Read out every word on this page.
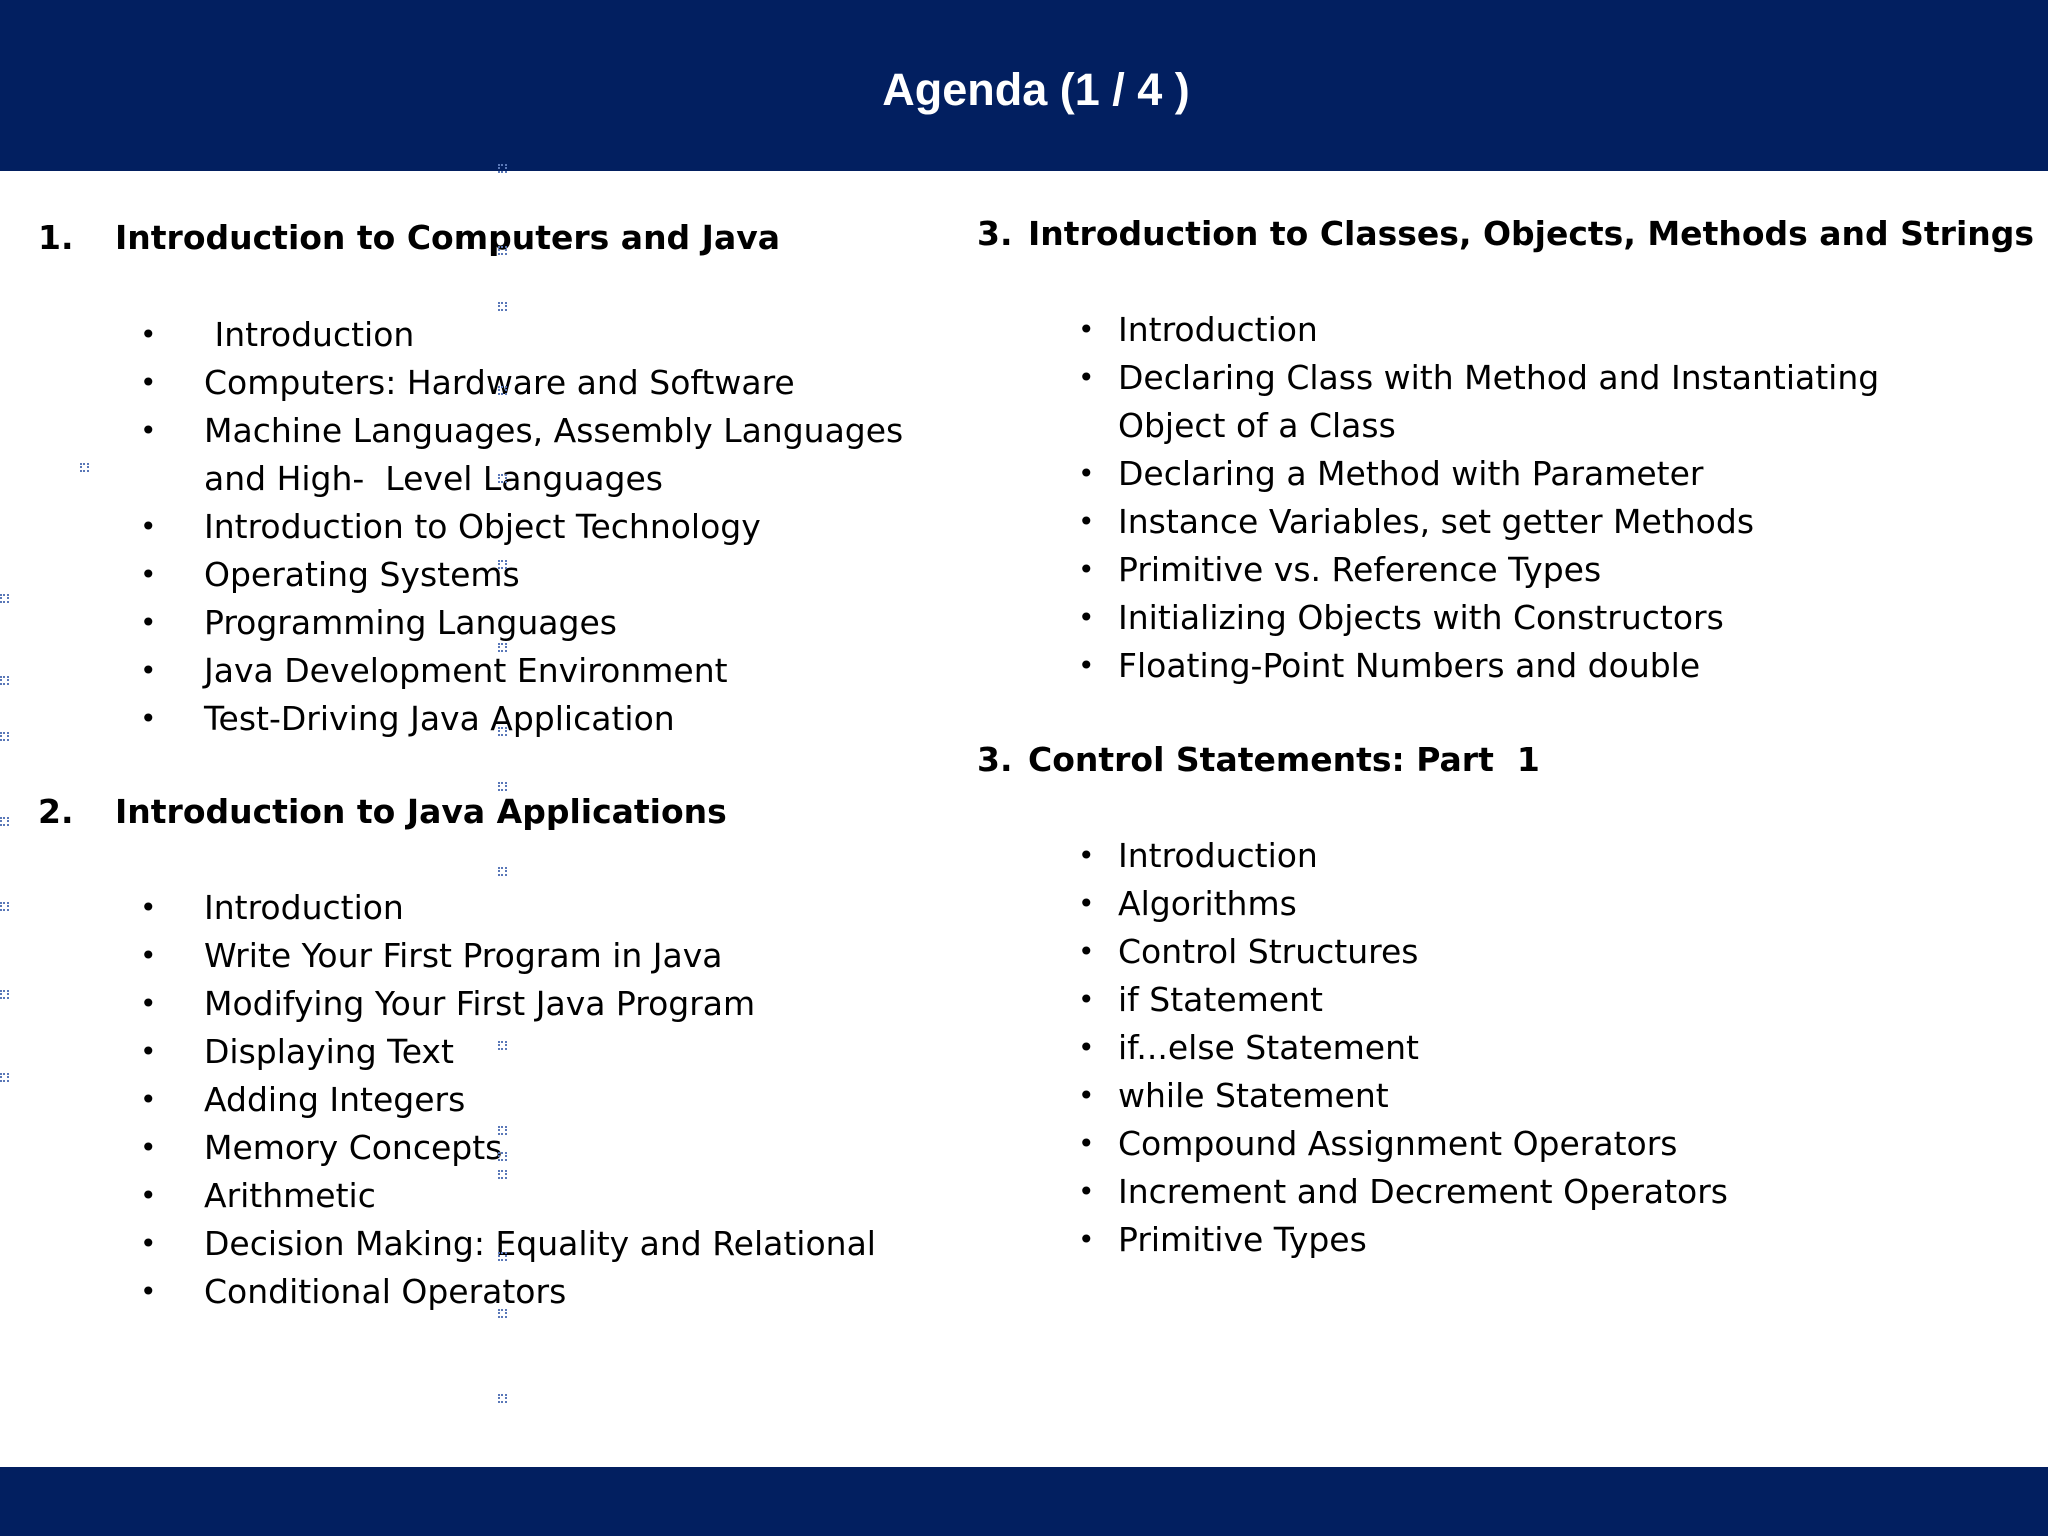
Agenda (1 / 4 )
1. Introduction to Computers and Java
• Introduction
• Computers: Hardware and Software
• Machine Languages, Assembly Languages
and High-  Level Languages
• Introduction to Object Technology
• Operating Systems
• Programming Languages
• Java Development Environment
• Test-Driving Java Application
2. Introduction to Java Applications
• Introduction
• Write Your First Program in Java
• Modifying Your First Java Program
• Displaying Text
• Adding Integers
• Memory Concepts
• Arithmetic
• Decision Making: Equality and Relational
• Conditional Operators
3. Introduction to Classes, Objects, Methods and Strings
• Introduction
• Declaring Class with Method and Instantiating
Object of a Class
• Declaring a Method with Parameter
• Instance Variables, set getter Methods
• Primitive vs. Reference Types
• Initializing Objects with Constructors
• Floating-Point Numbers and double
3. Control Statements: Part  1
• Introduction
• Algorithms
• Control Structures
• if Statement
• if...else Statement
• while Statement
• Compound Assignment Operators
• Increment and Decrement Operators
• Primitive Types
